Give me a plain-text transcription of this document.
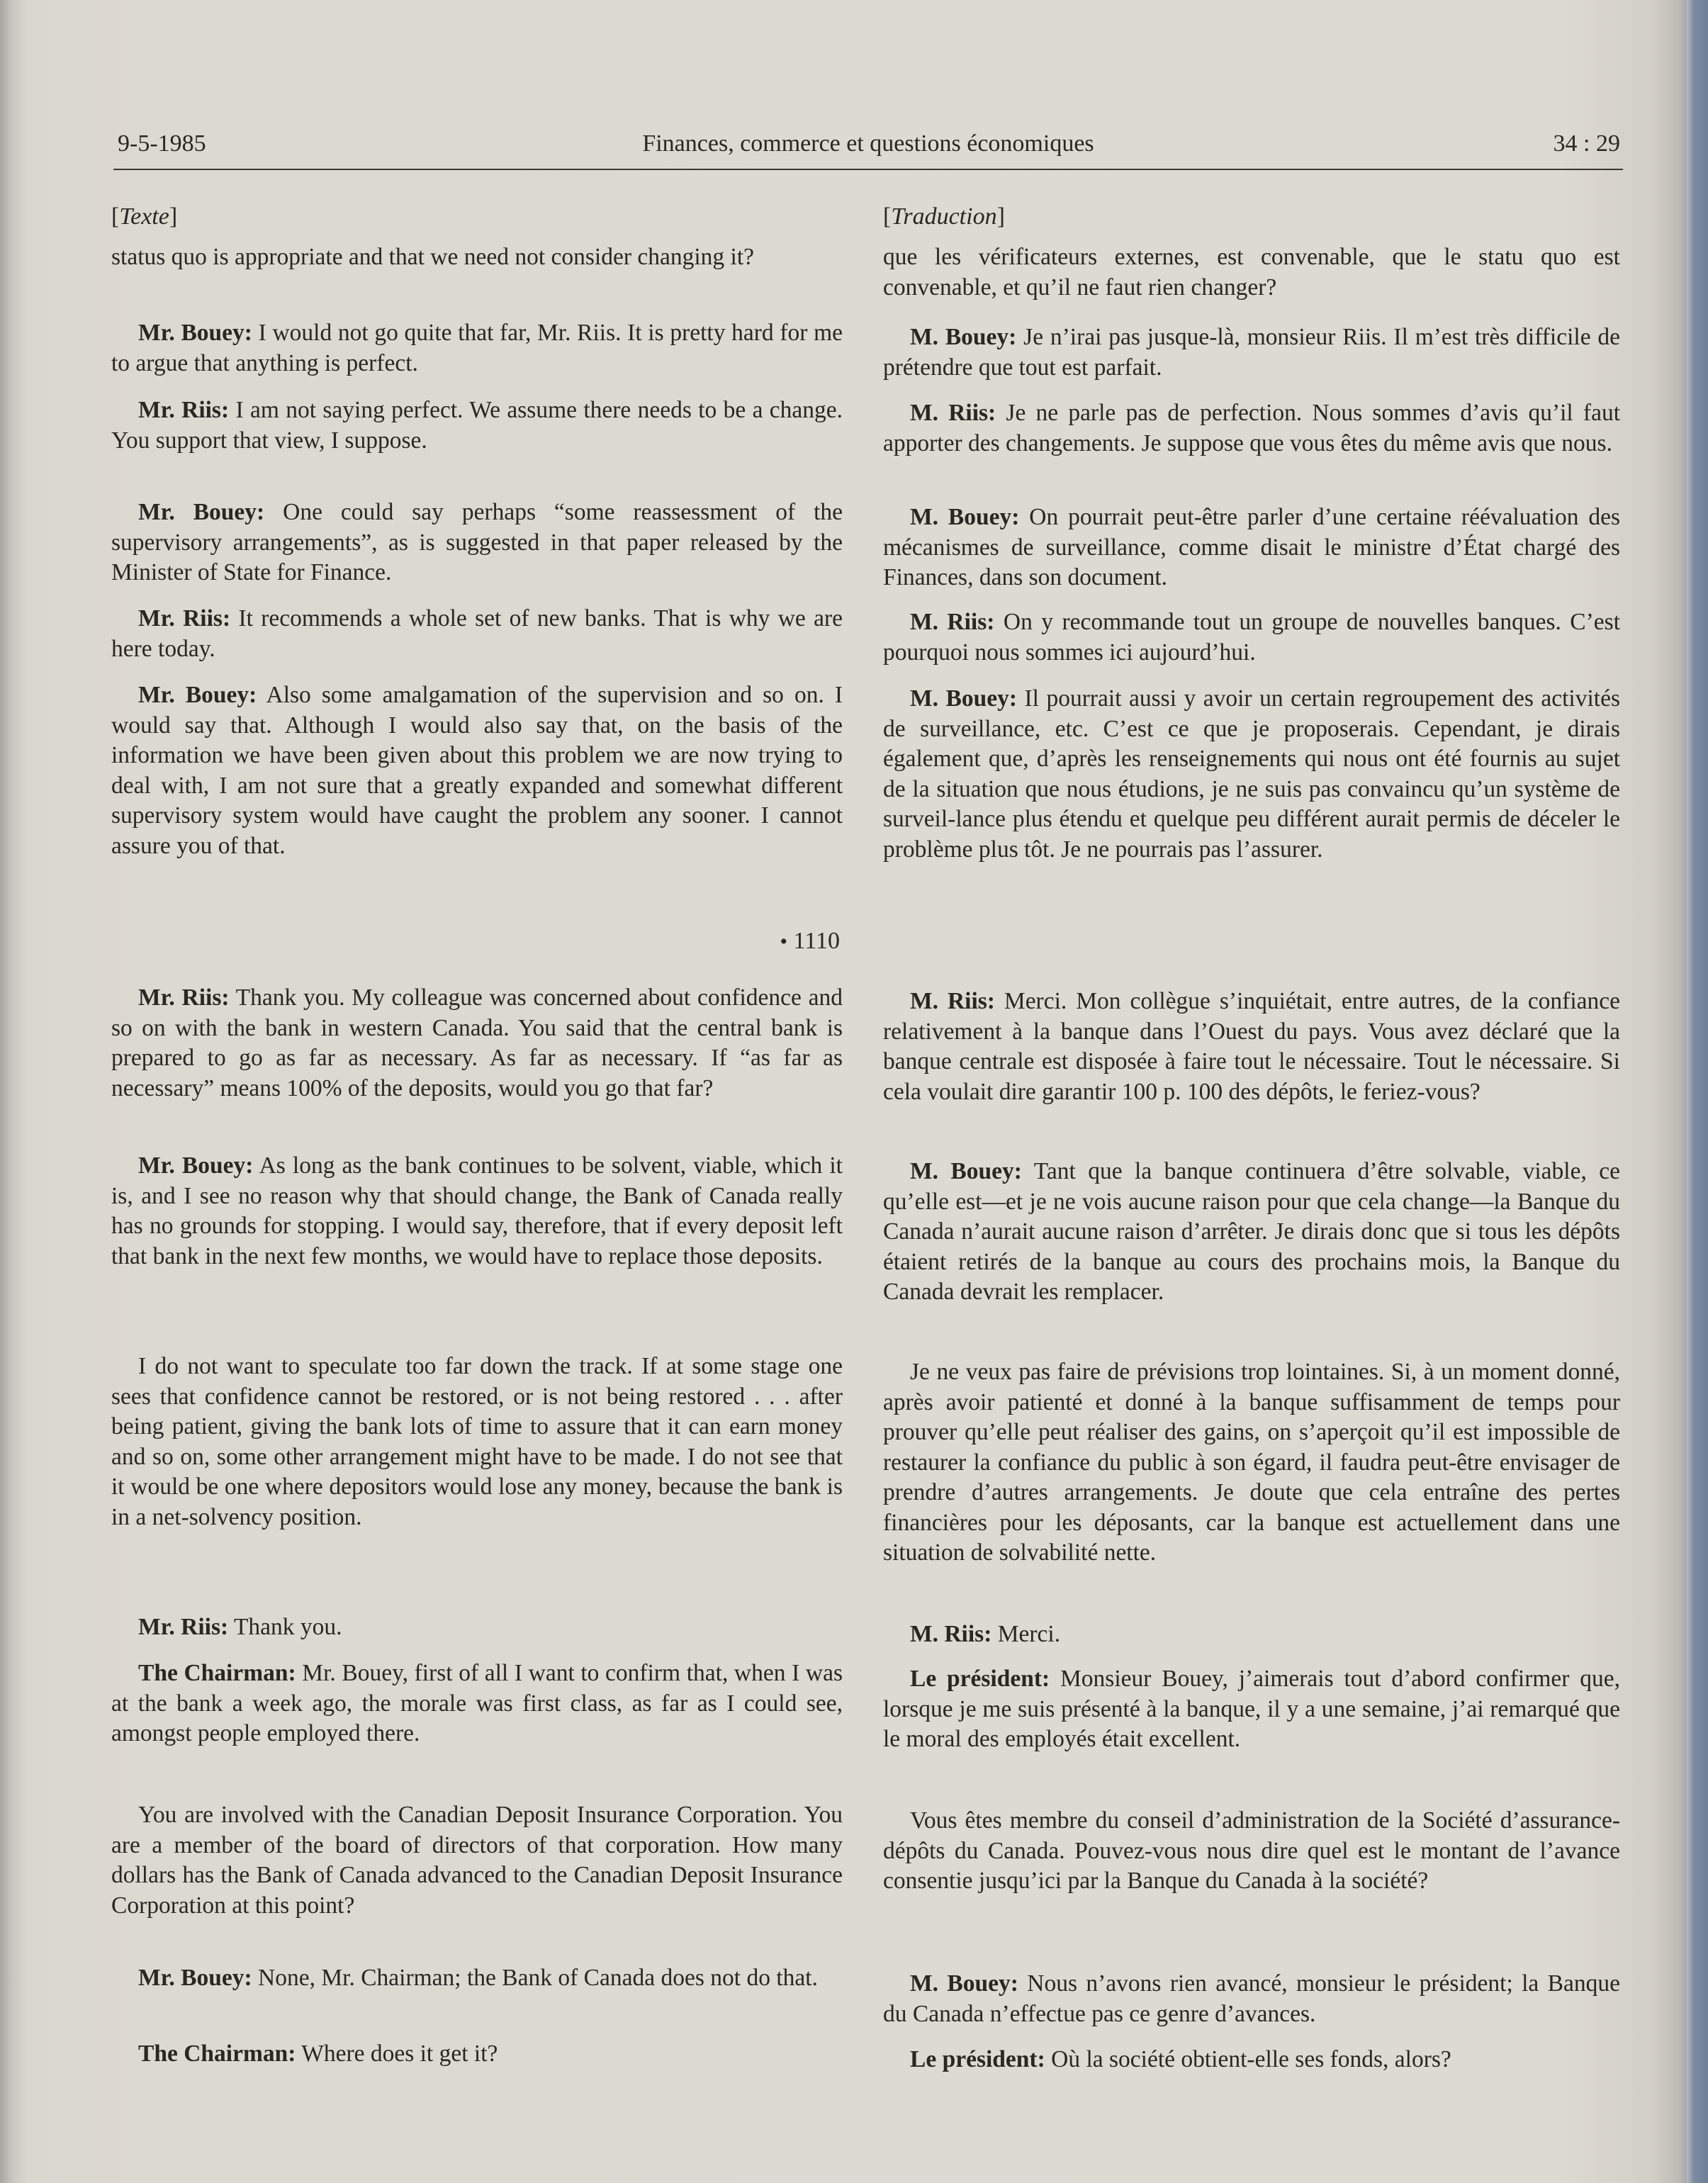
9-5-1985	Finances, commerce et questions économiques	34 : 29
[Texte]

status quo is appropriate and that we need not consider changing it?

Mr. Bouey: I would not go quite that far, Mr. Riis. It is pretty hard for me to argue that anything is perfect.

Mr. Riis: I am not saying perfect. We assume there needs to be a change. You support that view, I suppose.

Mr. Bouey: One could say perhaps “some reassessment of the supervisory arrangements”, as is suggested in that paper released by the Minister of State for Finance.

Mr. Riis: It recommends a whole set of new banks. That is why we are here today.

Mr. Bouey: Also some amalgamation of the supervision and so on. I would say that. Although I would also say that, on the basis of the information we have been given about this problem we are now trying to deal with, I am not sure that a greatly expanded and somewhat different supervisory system would have caught the problem any sooner. I cannot assure you of that.

• 1110

Mr. Riis: Thank you. My colleague was concerned about confidence and so on with the bank in western Canada. You said that the central bank is prepared to go as far as necessary. As far as necessary. If “as far as necessary” means 100% of the deposits, would you go that far?

Mr. Bouey: As long as the bank continues to be solvent, viable, which it is, and I see no reason why that should change, the Bank of Canada really has no grounds for stopping. I would say, therefore, that if every deposit left that bank in the next few months, we would have to replace those deposits.

I do not want to speculate too far down the track. If at some stage one sees that confidence cannot be restored, or is not being restored . . . after being patient, giving the bank lots of time to assure that it can earn money and so on, some other arrangement might have to be made. I do not see that it would be one where depositors would lose any money, because the bank is in a net-solvency position.

Mr. Riis: Thank you.

The Chairman: Mr. Bouey, first of all I want to confirm that, when I was at the bank a week ago, the morale was first class, as far as I could see, amongst people employed there.

You are involved with the Canadian Deposit Insurance Corporation. You are a member of the board of directors of that corporation. How many dollars has the Bank of Canada advanced to the Canadian Deposit Insurance Corporation at this point?

Mr. Bouey: None, Mr. Chairman; the Bank of Canada does not do that.

The Chairman: Where does it get it?

[Traduction]

que les vérificateurs externes, est convenable, que le statu quo est convenable, et qu’il ne faut rien changer?

M. Bouey: Je n’irai pas jusque-là, monsieur Riis. Il m’est très difficile de prétendre que tout est parfait.

M. Riis: Je ne parle pas de perfection. Nous sommes d’avis qu’il faut apporter des changements. Je suppose que vous êtes du même avis que nous.

M. Bouey: On pourrait peut-être parler d’une certaine réévaluation des mécanismes de surveillance, comme disait le ministre d’État chargé des Finances, dans son document.

M. Riis: On y recommande tout un groupe de nouvelles banques. C’est pourquoi nous sommes ici aujourd’hui.

M. Bouey: Il pourrait aussi y avoir un certain regroupement des activités de surveillance, etc. C’est ce que je proposerais. Cependant, je dirais également que, d’après les renseignements qui nous ont été fournis au sujet de la situation que nous étudions, je ne suis pas convaincu qu’un système de surveil-lance plus étendu et quelque peu différent aurait permis de déceler le problème plus tôt. Je ne pourrais pas l’assurer.

M. Riis: Merci. Mon collègue s’inquiétait, entre autres, de la confiance relativement à la banque dans l’Ouest du pays. Vous avez déclaré que la banque centrale est disposée à faire tout le nécessaire. Tout le nécessaire. Si cela voulait dire garantir 100 p. 100 des dépôts, le feriez-vous?

M. Bouey: Tant que la banque continuera d’être solvable, viable, ce qu’elle est—et je ne vois aucune raison pour que cela change—la Banque du Canada n’aurait aucune raison d’arrêter. Je dirais donc que si tous les dépôts étaient retirés de la banque au cours des prochains mois, la Banque du Canada devrait les remplacer.

Je ne veux pas faire de prévisions trop lointaines. Si, à un moment donné, après avoir patienté et donné à la banque suffisamment de temps pour prouver qu’elle peut réaliser des gains, on s’aperçoit qu’il est impossible de restaurer la confiance du public à son égard, il faudra peut-être envisager de prendre d’autres arrangements. Je doute que cela entraîne des pertes financières pour les déposants, car la banque est actuellement dans une situation de solvabilité nette.

M. Riis: Merci.

Le président: Monsieur Bouey, j’aimerais tout d’abord confirmer que, lorsque je me suis présenté à la banque, il y a une semaine, j’ai remarqué que le moral des employés était excellent.

Vous êtes membre du conseil d’administration de la Société d’assurance-dépôts du Canada. Pouvez-vous nous dire quel est le montant de l’avance consentie jusqu’ici par la Banque du Canada à la société?

M. Bouey: Nous n’avons rien avancé, monsieur le président; la Banque du Canada n’effectue pas ce genre d’avances.

Le président: Où la société obtient-elle ses fonds, alors?
